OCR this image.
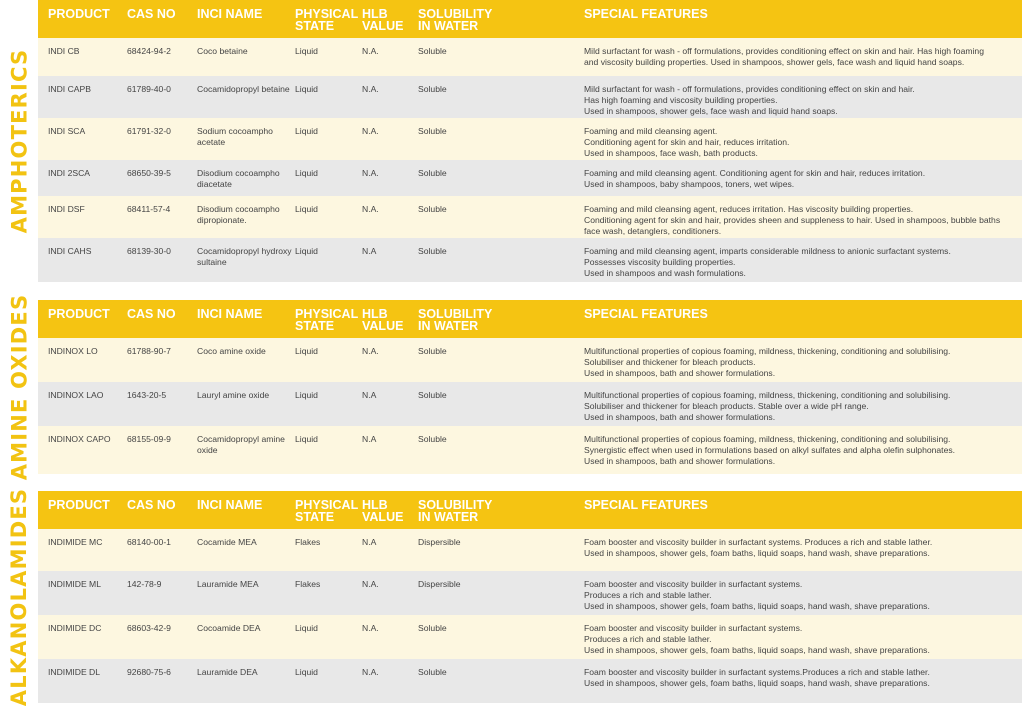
AMPHOTERICS
PRODUCT	CAS NO	INCI NAME	PHYSICAL
STATE
HLB
VALUE
SOLUBILITY
IN WATER
SPECIAL FEATURES
INDI CB	68424-94-2	Coco betaine	Liquid	N.A.	Soluble	Mild surfactant for wash - off formulations, provides conditioning effect on skin and hair. Has high foaming
and viscosity building properties. Used in shampoos, shower gels, face wash and liquid hand soaps.
INDI CAPB	61789-40-0	Cocamidopropyl betaine Liquid	N.A.	Soluble	Mild surfactant for wash - off formulations, provides conditioning effect on skin and hair.
Has high foaming and viscosity building properties.
Used in shampoos, shower gels, face wash and liquid hand soaps.
INDI SCA	61791-32-0	Sodium cocoampho acetate
Liquid	N.A.	Soluble	Foaming and mild cleansing agent.
Conditioning agent for skin and hair, reduces irritation.
Used in shampoos, face wash, bath products.
INDI 2SCA	68650-39-5	Disodium cocoampho diacetate
Liquid	N.A.	Soluble	Foaming and mild cleansing agent. Conditioning agent for skin and hair, reduces irritation.
Used in shampoos, baby shampoos, toners, wet wipes.
INDI DSF	68411-57-4	Disodium cocoampho dipropionate.
Liquid	N.A.	Soluble	Foaming and mild cleansing agent, reduces irritation. Has viscosity building properties.
Conditioning agent for skin and hair, provides sheen and suppleness to hair. Used in shampoos, bubble baths
face wash, detanglers, conditioners.
INDI CAHS	68139-30-0	Cocamidopropyl hydroxy sultaine
Liquid	N.A	Soluble	Foaming and mild cleansing agent, imparts considerable mildness to anionic surfactant systems.
Possesses viscosity building properties.
Used in shampoos and wash formulations.
AMINE OXIDES PRODUCT	CAS NO	INCI NAME	PHYSICAL
STATE
HLB
VALUE
SOLUBILITY
IN WATER
SPECIAL FEATURES
INDINOX LO	61788-90-7	Coco amine oxide	Liquid	N.A.	Soluble	Multifunctional properties of copious foaming, mildness, thickening, conditioning and solubilising.
Solubiliser and thickener for bleach products.
Used in shampoos, bath and shower formulations.
INDINOX LAO	1643-20-5	Lauryl amine oxide	Liquid	N.A	Soluble	Multifunctional properties of copious foaming, mildness, thickening, conditioning and solubilising.
Solubiliser and thickener for bleach products. Stable over a wide pH range.
Used in shampoos, bath and shower formulations.
INDINOX CAPO	68155-09-9	Cocamidopropyl amine oxide
Liquid	N.A	Soluble	Multifunctional properties of copious foaming, mildness, thickening, conditioning and solubilising.
Synergistic effect when used in formulations based on alkyl sulfates and alpha olefin sulphonates.
Used in shampoos, bath and shower formulations.
ALKANOLAMIDES PRODUCT	CAS NO	INCI NAME	PHYSICAL
STATE
HLB
VALUE
SOLUBILITY
IN WATER
SPECIAL FEATURES
INDIMIDE MC	68140-00-1	Cocamide MEA	Flakes	N.A	Dispersible	Foam booster and viscosity builder in surfactant systems. Produces a rich and stable lather.
Used in shampoos, shower gels, foam baths, liquid soaps, hand wash, shave preparations.
INDIMIDE ML	142-78-9	Lauramide MEA	Flakes	N.A.	Dispersible	Foam booster and viscosity builder in surfactant systems.
Produces a rich and stable lather.
Used in shampoos, shower gels, foam baths, liquid soaps, hand wash, shave preparations.
INDIMIDE DC	68603-42-9	Cocoamide DEA	Liquid	N.A.	Soluble	Foam booster and viscosity builder in surfactant systems.
Produces a rich and stable lather.
Used in shampoos, shower gels, foam baths, liquid soaps, hand wash, shave preparations.
INDIMIDE DL	92680-75-6	Lauramide DEA	Liquid	N.A.	Soluble	Foam booster and viscosity builder in surfactant systems.Produces a rich and stable lather.
Used in shampoos, shower gels, foam baths, liquid soaps, hand wash, shave preparations.
